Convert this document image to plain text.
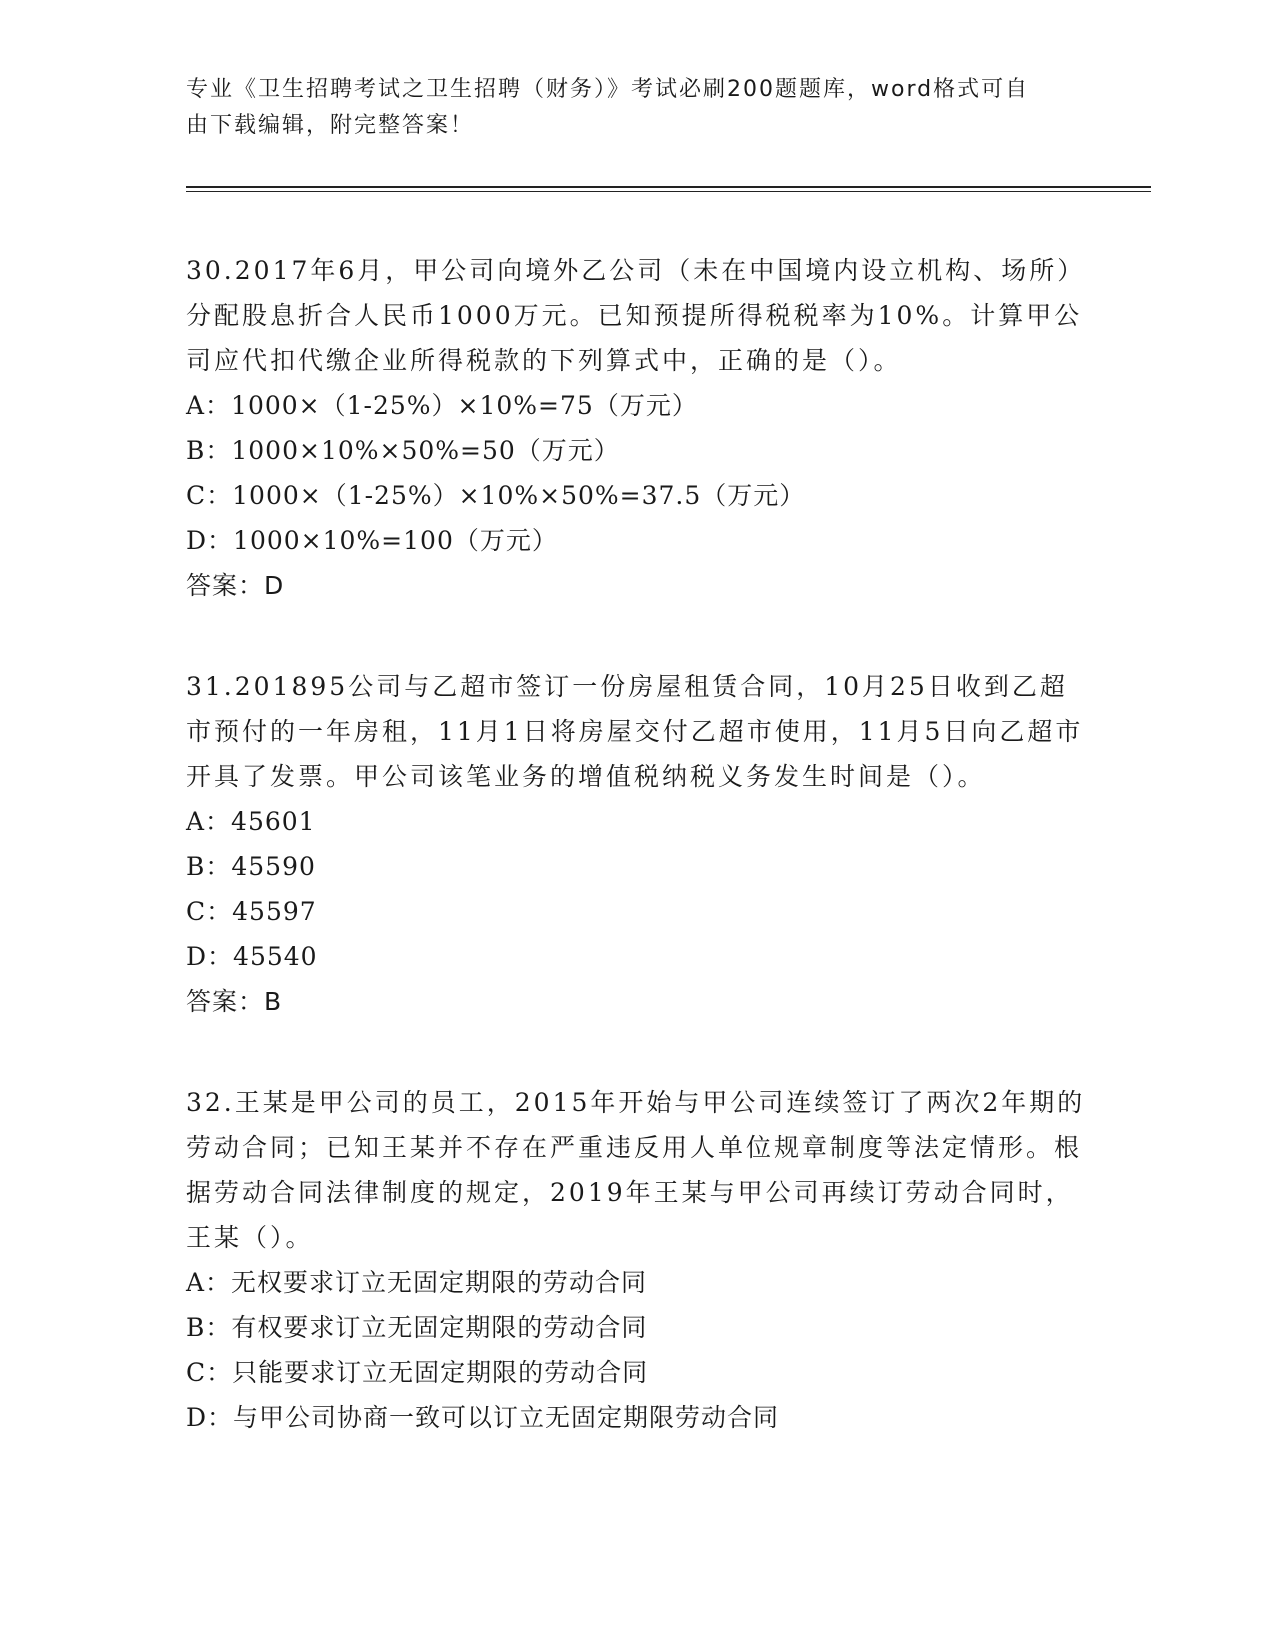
专业《卫生招聘考试之卫生招聘（财务）》考试必刷200题题库，word格式可自
由下载编辑，附完整答案！

30.2017年6月，甲公司向境外乙公司（未在中国境内设立机构、场所）分配股息折合人民币1000万元。已知预提所得税税率为10%。计算甲公司应代扣代缴企业所得税款的下列算式中，正确的是（）。

A：1000×（1-25%）×10%=75（万元）

B：1000×10%×50%=50（万元）

C：1000×（1-25%）×10%×50%=37.5（万元）

D：1000×10%=100（万元）

答案：D

31.201895公司与乙超市签订一份房屋租赁合同，10月25日收到乙超市预付的一年房租，11月1日将房屋交付乙超市使用，11月5日向乙超市开具了发票。甲公司该笔业务的增值税纳税义务发生时间是（）。

A：45601

B：45590

C：45597

D：45540

答案：B

32.王某是甲公司的员工，2015年开始与甲公司连续签订了两次2年期的劳动合同；已知王某并不存在严重违反用人单位规章制度等法定情形。根据劳动合同法律制度的规定，2019年王某与甲公司再续订劳动合同时，王某（）。

A：无权要求订立无固定期限的劳动合同

B：有权要求订立无固定期限的劳动合同

C：只能要求订立无固定期限的劳动合同

D：与甲公司协商一致可以订立无固定期限劳动合同
